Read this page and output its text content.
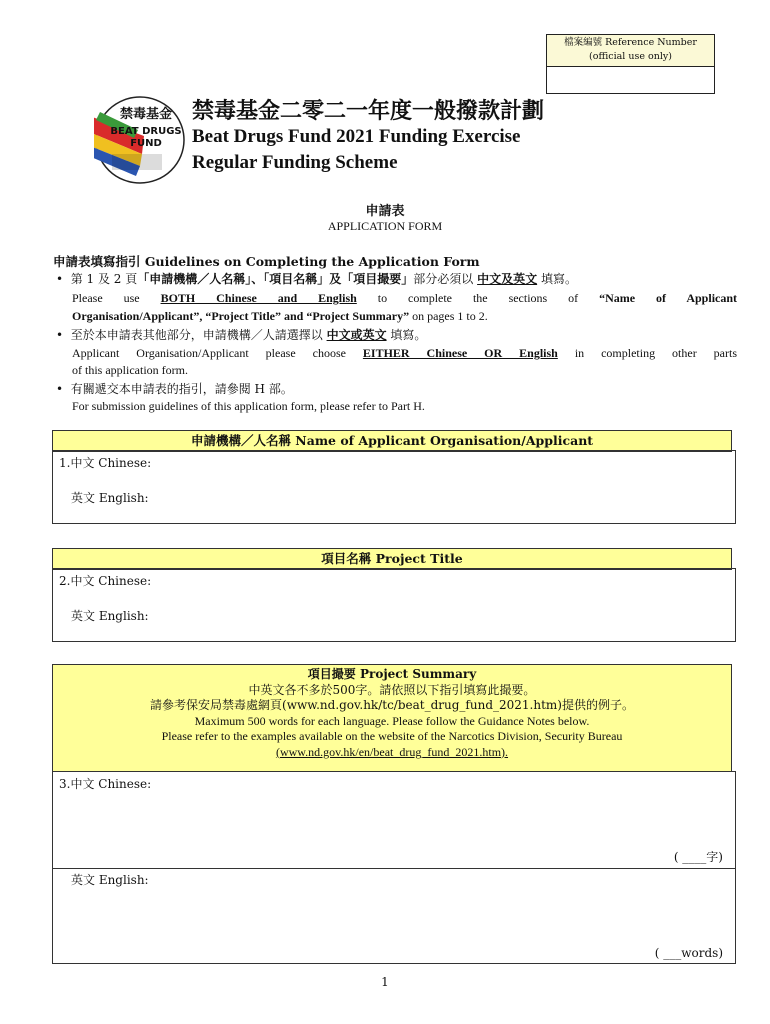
檔案編號 Reference Number
(official use only)
禁毒基金
BEAT DRUGS
FUND
禁毒基金二零二一年度一般撥款計劃
Beat Drugs Fund 2021 Funding Exercise
Regular Funding Scheme
申請表
APPLICATION FORM
申請表填寫指引 Guidelines on Completing the Application Form
•  第 1 及 2 頁「申請機構／人名稱」、「項目名稱」及「項目撮要」部分必須以 中文及英文 填寫。
Please use BOTH Chinese and English to complete the sections of “Name of Applicant
Organisation/Applicant”, “Project Title” and “Project Summary” on pages 1 to 2.
•  至於本申請表其他部分，申請機構／人請選擇以 中文或英文 填寫。
Applicant Organisation/Applicant please choose EITHER Chinese OR English in completing other parts
of this application form.
•  有關遞交本申請表的指引，請參閱 H 部。
For submission guidelines of this application form, please refer to Part H.
申請機構／人名稱 Name of Applicant Organisation/Applicant
1.中文 Chinese:
英文 English:
項目名稱 Project Title
2.中文 Chinese:
英文 English:
項目撮要 Project Summary
中英文各不多於500字。請依照以下指引填寫此撮要。
請參考保安局禁毒處網頁(www.nd.gov.hk/tc/beat_drug_fund_2021.htm)提供的例子。
Maximum 500 words for each language. Please follow the Guidance Notes below.
Please refer to the examples available on the website of the Narcotics Division, Security Bureau
(www.nd.gov.hk/en/beat_drug_fund_2021.htm).
3.中文 Chinese:
( ____字)
英文 English:
( ___words)
1
